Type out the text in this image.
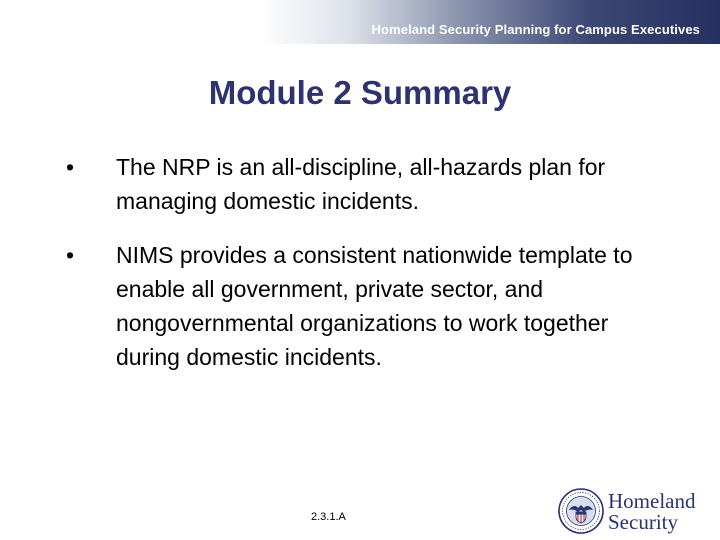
Homeland Security Planning for Campus Executives
Module 2 Summary
• The NRP is an all-discipline, all-hazards plan for managing domestic incidents.
• NIMS provides a consistent nationwide template to enable all government, private sector, and nongovernmental organizations to work together during domestic incidents.
2.3.1.A
Homeland
Security
